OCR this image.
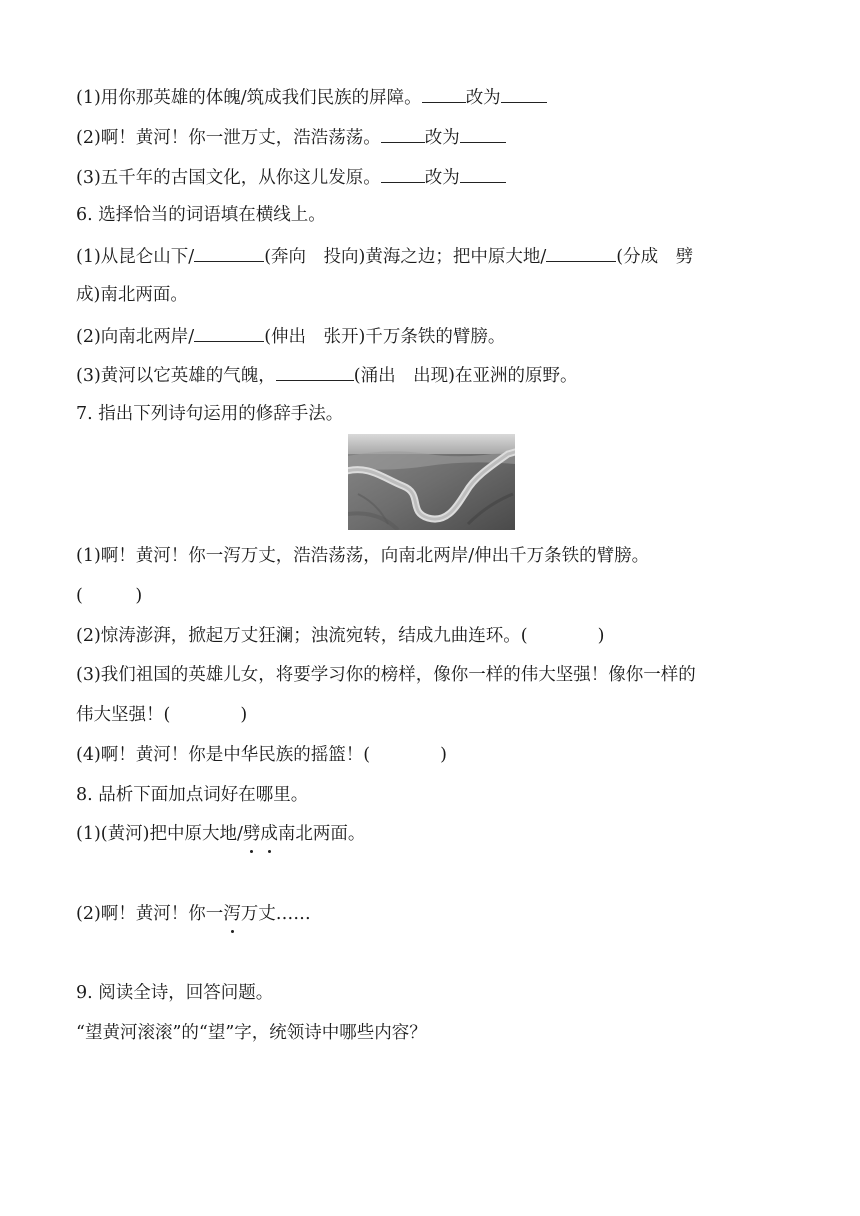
(1)用你那英雄的体魄/筑成我们民族的屏障。	改为
(2)啊！黄河！你一泄万丈，浩浩荡荡。	改为
(3)五千年的古国文化，从你这儿发原。	改为
6. 选择恰当的词语填在横线上。
(1)从昆仑山下/	(奔向　投向)黄海之边；把中原大地/	(分成　劈
成)南北两面。
(2)向南北两岸/	(伸出　张开)千万条铁的臂膀。
(3)黄河以它英雄的气魄，	(涌出　出现)在亚洲的原野。
7. 指出下列诗句运用的修辞手法。
(1)啊！黄河！你一泻万丈，浩浩荡荡，向南北两岸/伸出千万条铁的臂膀。
(　　　)
(2)惊涛澎湃，掀起万丈狂澜；浊流宛转，结成九曲连环。(　　　　)
(3)我们祖国的英雄儿女，将要学习你的榜样，像你一样的伟大坚强！像你一样的
伟大坚强！(　　　　)
(4)啊！黄河！你是中华民族的摇篮！(　　　　)
8. 品析下面加点词好在哪里。
(1)(黄河)把中原大地/劈成南北两面。
(2)啊！黄河！你一泻万丈……
9. 阅读全诗，回答问题。
“望黄河滚滚”的“望”字，统领诗中哪些内容？
